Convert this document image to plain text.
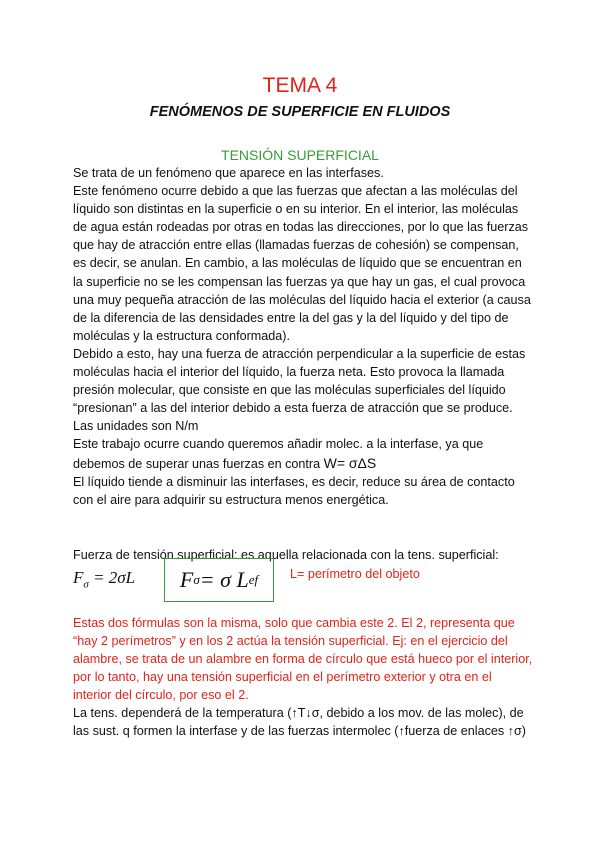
TEMA 4
FENÓMENOS DE SUPERFICIE EN FLUIDOS
TENSIÓN SUPERFICIAL

Se trata de un fenómeno que aparece en las interfases.

Este fenómeno ocurre debido a que las fuerzas que afectan a las moléculas del líquido son distintas en la superficie o en su interior. En el interior, las moléculas de agua están rodeadas por otras en todas las direcciones, por lo que las fuerzas que hay de atracción entre ellas (llamadas fuerzas de cohesión) se compensan, es decir, se anulan. En cambio, a las moléculas de líquido que se encuentran en la superficie no se les compensan las fuerzas ya que hay un gas, el cual provoca una muy pequeña atracción de las moléculas del líquido hacia el exterior (a causa de la diferencia de las densidades entre la del gas y la del líquido y del tipo de moléculas y la estructura conformada).

Debido a esto, hay una fuerza de atracción perpendicular a la superficie de estas moléculas hacia el interior del líquido, la fuerza neta. Esto provoca la llamada presión molecular, que consiste en que las moléculas superficiales del líquido “presionan” a las del interior debido a esta fuerza de atracción que se produce.

Las unidades son N/m

Este trabajo ocurre cuando queremos añadir molec. a la interfase, ya que debemos de superar unas fuerzas en contra W= σΔS

El líquido tiende a disminuir las interfases, es decir, reduce su área de contacto con el aire para adquirir su estructura menos energética.

Fuerza de tensión superficial: es aquella relacionada con la tens. superficial:
$F_\sigma = 2\sigma L$ F σ = σ L ef	L= perímetro del objeto

Estas dos fórmulas son la misma, solo que cambia este 2. El 2, representa que “hay 2 perímetros” y en los 2 actúa la tensión superficial. Ej: en el ejercicio del alambre, se trata de un alambre en forma de círculo que está hueco por el interior, por lo tanto, hay una tensión superficial en el perímetro exterior y otra en el interior del círculo, por eso el 2.

La tens. dependerá de la temperatura (↑T↓σ, debido a los mov. de las molec), de las sust. q formen la interfase y de las fuerzas intermolec (↑fuerza de enlaces ↑σ)
